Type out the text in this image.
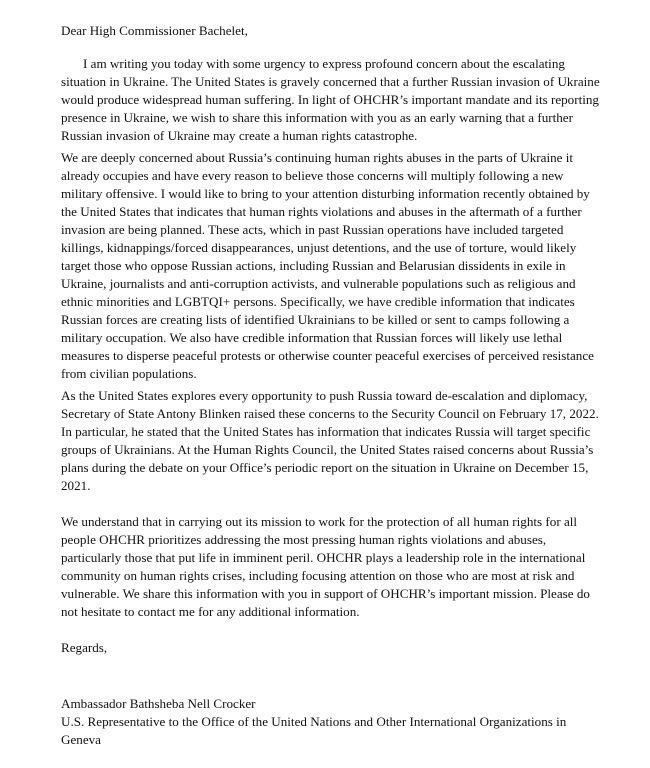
Dear High Commissioner Bachelet,

I am writing you today with some urgency to express profound concern about the escalating situation in Ukraine. The United States is gravely concerned that a further Russian invasion of Ukraine would produce widespread human suffering. In light of OHCHR’s important mandate and its reporting presence in Ukraine, we wish to share this information with you as an early warning that a further Russian invasion of Ukraine may create a human rights catastrophe.

We are deeply concerned about Russia’s continuing human rights abuses in the parts of Ukraine it already occupies and have every reason to believe those concerns will multiply following a new military offensive. I would like to bring to your attention disturbing information recently obtained by the United States that indicates that human rights violations and abuses in the aftermath of a further invasion are being planned. These acts, which in past Russian operations have included targeted killings, kidnappings/forced disappearances, unjust detentions, and the use of torture, would likely target those who oppose Russian actions, including Russian and Belarusian dissidents in exile in Ukraine, journalists and anti-corruption activists, and vulnerable populations such as religious and ethnic minorities and LGBTQI+ persons. Specifically, we have credible information that indicates Russian forces are creating lists of identified Ukrainians to be killed or sent to camps following a military occupation. We also have credible information that Russian forces will likely use lethal measures to disperse peaceful protests or otherwise counter peaceful exercises of perceived resistance from civilian populations.

As the United States explores every opportunity to push Russia toward de-escalation and diplomacy, Secretary of State Antony Blinken raised these concerns to the Security Council on February 17, 2022. In particular, he stated that the United States has information that indicates Russia will target specific groups of Ukrainians. At the Human Rights Council, the United States raised concerns about Russia’s plans during the debate on your Office’s periodic report on the situation in Ukraine on December 15, 2021.

We understand that in carrying out its mission to work for the protection of all human rights for all people OHCHR prioritizes addressing the most pressing human rights violations and abuses, particularly those that put life in imminent peril. OHCHR plays a leadership role in the international community on human rights crises, including focusing attention on those who are most at risk and vulnerable. We share this information with you in support of OHCHR’s important mission. Please do not hesitate to contact me for any additional information.

Regards,

Ambassador Bathsheba Nell Crocker

U.S. Representative to the Office of the United Nations and Other International Organizations in Geneva
